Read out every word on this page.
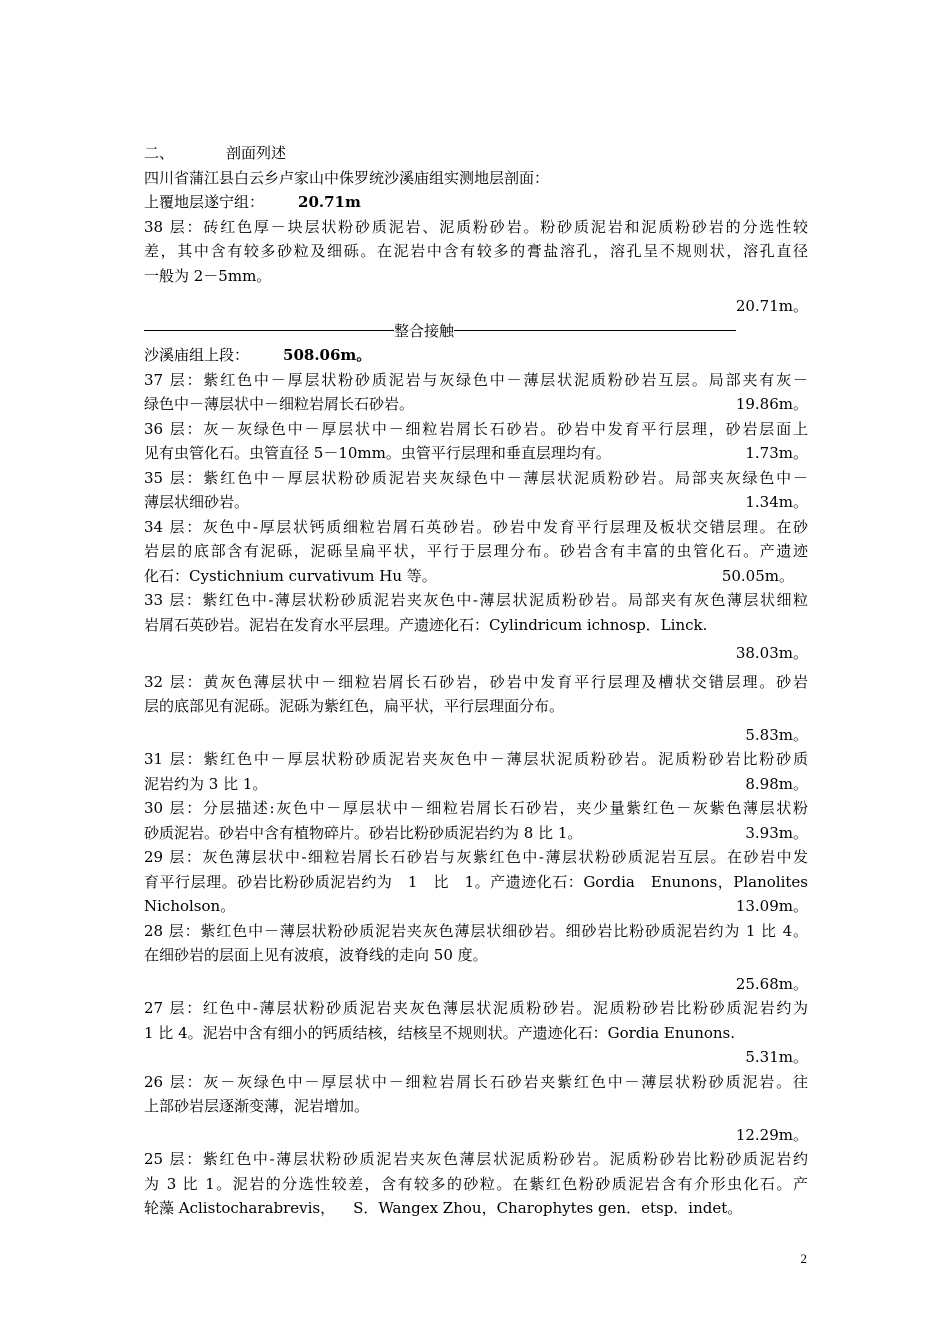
二、	剖面列述
四川省蒲江县白云乡卢家山中侏罗统沙溪庙组实测地层剖面：
上覆地层遂宁组： 20.71m
38 层：砖红色厚－块层状粉砂质泥岩、泥质粉砂岩。粉砂质泥岩和泥质粉砂岩的分选性较
差，其中含有较多砂粒及细砾。在泥岩中含有较多的膏盐溶孔，溶孔呈不规则状，溶孔直径
一般为 2－5mm。
20.71m。
整合接触
沙溪庙组上段： 508.06m。
37 层：紫红色中－厚层状粉砂质泥岩与灰绿色中－薄层状泥质粉砂岩互层。局部夹有灰－
绿色中－薄层状中－细粒岩屑长石砂岩。	19.86m。
36 层：灰－灰绿色中－厚层状中－细粒岩屑长石砂岩。砂岩中发育平行层理，砂岩层面上
见有虫管化石。虫管直径 5－10mm。虫管平行层理和垂直层理均有。	1.73m。
35 层：紫红色中－厚层状粉砂质泥岩夹灰绿色中－薄层状泥质粉砂岩。局部夹灰绿色中－
薄层状细砂岩。	1.34m。
34 层：灰色中-厚层状钙质细粒岩屑石英砂岩。砂岩中发育平行层理及板状交错层理。在砂
岩层的底部含有泥砾，泥砾呈扁平状，平行于层理分布。砂岩含有丰富的虫管化石。产遗迹
化石：Cystichnium curvativum Hu 等。	50.05m。
33 层：紫红色中-薄层状粉砂质泥岩夹灰色中-薄层状泥质粉砂岩。局部夹有灰色薄层状细粒
岩屑石英砂岩。泥岩在发育水平层理。产遗迹化石：Cylindricum ichnosp．Linck.
38.03m。
32 层：黄灰色薄层状中－细粒岩屑长石砂岩，砂岩中发育平行层理及槽状交错层理。砂岩
层的底部见有泥砾。泥砾为紫红色，扁平状，平行层理面分布。
5.83m。
31 层：紫红色中－厚层状粉砂质泥岩夹灰色中－薄层状泥质粉砂岩。泥质粉砂岩比粉砂质
泥岩约为 3 比 1。	8.98m。
30 层：分层描述:灰色中－厚层状中－细粒岩屑长石砂岩，夹少量紫红色－灰紫色薄层状粉
砂质泥岩。砂岩中含有植物碎片。砂岩比粉砂质泥岩约为 8 比 1。	3.93m。
29 层：灰色薄层状中-细粒岩屑长石砂岩与灰紫红色中-薄层状粉砂质泥岩互层。在砂岩中发
育平行层理。砂岩比粉砂质泥岩约为　1　比　1。产遗迹化石：Gordia　Enunons，Planolites
Nicholson。	13.09m。
28 层：紫红色中－薄层状粉砂质泥岩夹灰色薄层状细砂岩。细砂岩比粉砂质泥岩约为 1 比 4。
在细砂岩的层面上见有波痕，波脊线的走向 50 度。
25.68m。
27 层：红色中-薄层状粉砂质泥岩夹灰色薄层状泥质粉砂岩。泥质粉砂岩比粉砂质泥岩约为
1 比 4。泥岩中含有细小的钙质结核，结核呈不规则状。产遗迹化石：Gordia Enunons.
5.31m。
26 层：灰－灰绿色中－厚层状中－细粒岩屑长石砂岩夹紫红色中－薄层状粉砂质泥岩。往
上部砂岩层逐渐变薄，泥岩增加。
12.29m。
25 层：紫红色中-薄层状粉砂质泥岩夹灰色薄层状泥质粉砂岩。泥质粉砂岩比粉砂质泥岩约
为 3 比 1。泥岩的分选性较差，含有较多的砂粒。在紫红色粉砂质泥岩含有介形虫化石。产
轮藻 Aclistocharabrevis， S．Wangex Zhou，Charophytes gen．etsp．indet。
2
